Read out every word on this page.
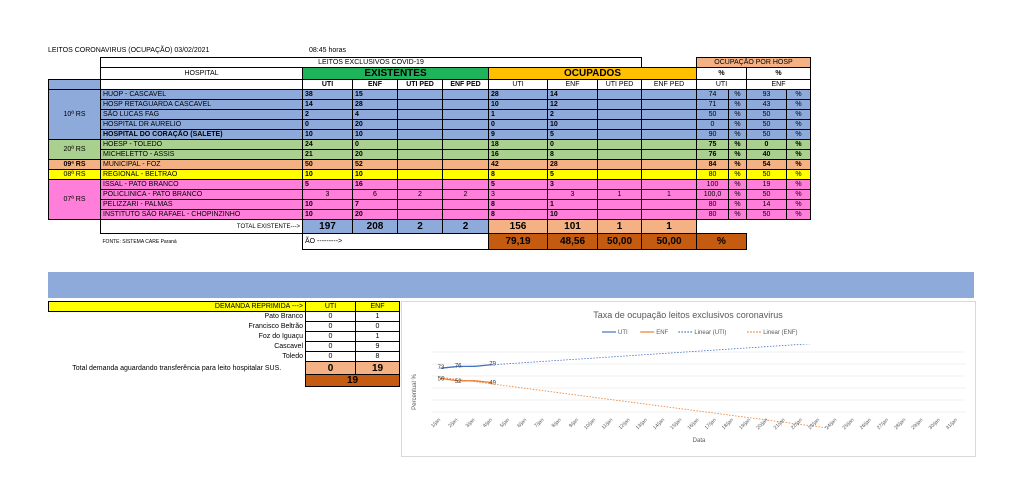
LEITOS CORONAVIRUS (OCUPAÇÃO) 03/02/2021	08:45 horas
	LEITOS EXCLUSIVOS COVID-19									OCUPAÇÃO POR HOSP			
	HOSPITAL	EXISTENTES				OCUPADOS				%		%	
		UTI	ENF	UTI PED	ENF PED	UTI	ENF	UTI PED	ENF PED	UTI		ENF	
10ª RS	HUOP - CASCAVEL	38	15			28	14			74	%	93	%
	HOSP RETAGUARDA CASCAVEL	14	28			10	12			71	%	43	%
	SÃO LUCAS FAG	2	4			1	2			50	%	50	%
	HOSPITAL DR AURELIO	0	20			0	10			0	%	50	%
	HOSPITAL DO CORAÇÃO (SALETE)	10	10			9	5			90	%	50	%
20ª RS	HOESP - TOLEDO	24	0			18	0			75	%	0	%
	MICHELETTO - ASSIS	21	20			16	8			76	%	40	%
09ª RS	MUNICIPAL - FOZ	50	52			42	28			84	%	54	%
08ª RS	REGIONAL - BELTRAO	10	10			8	5			80	%	50	%
07ª RS	ISSAL - PATO BRANCO	5	16			5	3			100	%	19	%
	POLICLINICA - PATO BRANCO	3	6	2	2	3	3	1	1	100,0	%	50	%
	PELIZZARI - PALMAS	10	7			8	1			80	%	14	%
	INSTITUTO SÃO RAFAEL - CHOPINZINHO	10	20			8	10			80	%	50	%
	TOTAL EXISTENTE--->	197	208	2	2	156	101	1	1				
	FONTE: SISTEMA CARE Paraná	ÃO --------->				79,19	48,56	50,00	50,00	%			
DEMANDA REPRIMIDA --->	UTI	ENF	
Pato Branco	0	1	
Francisco Beltrão	0	0	
Foz do Iguaçu	0	1	
Cascavel	0	9	
Toledo	0	8	
Total demanda aguardando transferência para leito hospitalar SUS.	0	19	
	19		
Taxa de ocupação leitos exclusivos coronavirus
UTI	ENF	Linear (UTI)	Linear (ENF)
73 76	79
56 52	49
1/jan 2/jan 3/jan 4/jan 5/jan 6/jan 7/jan 8/jan 9/jan 10/jan 11/jan 12/jan 13/jan 14/jan 15/jan 16/jan 17/jan 18/jan 19/jan 20/jan 21/jan 22/jan 23/jan 24/jan 25/jan 26/jan 27/jan 28/jan 29/jan 30/jan 31/jan
Percentual %
Data
